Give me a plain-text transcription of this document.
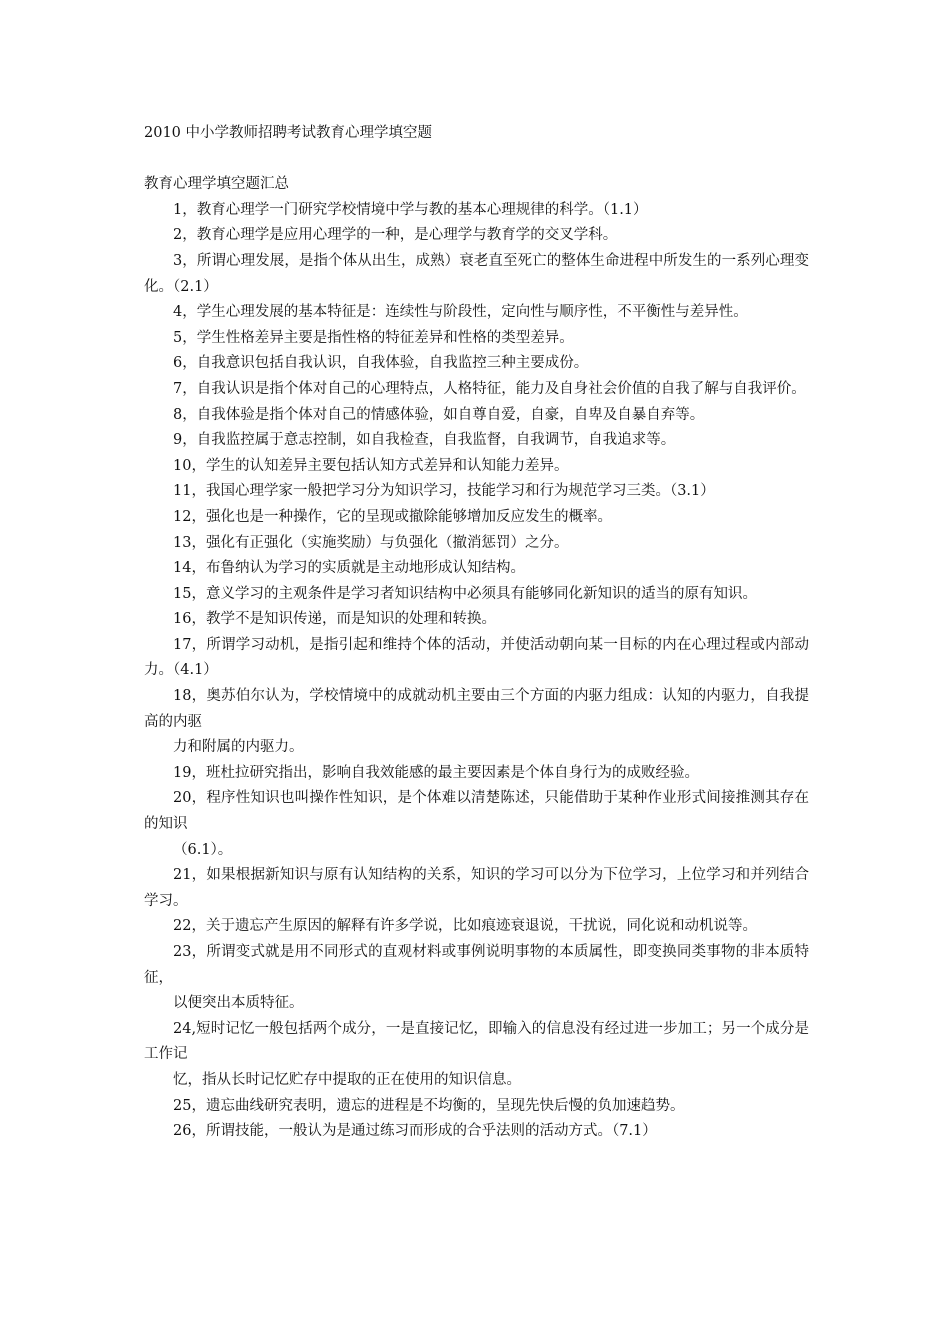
2010 中小学教师招聘考试教育心理学填空题

教育心理学填空题汇总

1，教育心理学一门研究学校情境中学与教的基本心理规律的科学。（1.1）

2，教育心理学是应用心理学的一种，是心理学与教育学的交叉学科。

3，所谓心理发展，是指个体从出生，成熟）衰老直至死亡的整体生命进程中所发生的一系列心理变化。（2.1）

4，学生心理发展的基本特征是：连续性与阶段性，定向性与顺序性，不平衡性与差异性。

5，学生性格差异主要是指性格的特征差异和性格的类型差异。

6，自我意识包括自我认识，自我体验，自我监控三种主要成份。

7，自我认识是指个体对自己的心理特点，人格特征，能力及自身社会价值的自我了解与自我评价。

8，自我体验是指个体对自己的情感体验，如自尊自爱，自豪，自卑及自暴自弃等。

9，自我监控属于意志控制，如自我检查，自我监督，自我调节，自我追求等。

10，学生的认知差异主要包括认知方式差异和认知能力差异。

11，我国心理学家一般把学习分为知识学习，技能学习和行为规范学习三类。（3.1）

12，强化也是一种操作，它的呈现或撤除能够增加反应发生的概率。

13，强化有正强化（实施奖励）与负强化（撤消惩罚）之分。

14，布鲁纳认为学习的实质就是主动地形成认知结构。

15，意义学习的主观条件是学习者知识结构中必须具有能够同化新知识的适当的原有知识。

16，教学不是知识传递，而是知识的处理和转换。

17，所谓学习动机，是指引起和维持个体的活动，并使活动朝向某一目标的内在心理过程或内部动力。（4.1）

18，奥苏伯尔认为，学校情境中的成就动机主要由三个方面的内驱力组成：认知的内驱力，自我提高的内驱
力和附属的内驱力。

19，班杜拉研究指出，影响自我效能感的最主要因素是个体自身行为的成败经验。

20，程序性知识也叫操作性知识，是个体难以清楚陈述，只能借助于某种作业形式间接推测其存在的知识
（6.1）。

21，如果根据新知识与原有认知结构的关系，知识的学习可以分为下位学习，上位学习和并列结合学习。

22，关于遗忘产生原因的解释有许多学说，比如痕迹衰退说，干扰说，同化说和动机说等。

23，所谓变式就是用不同形式的直观材料或事例说明事物的本质属性，即变换同类事物的非本质特征，
以便突出本质特征。

24,短时记忆一般包括两个成分，一是直接记忆，即输入的信息没有经过进一步加工；另一个成分是工作记
忆，指从长时记忆贮存中提取的正在使用的知识信息。

25，遗忘曲线研究表明，遗忘的进程是不均衡的，呈现先快后慢的负加速趋势。

26，所谓技能，一般认为是通过练习而形成的合乎法则的活动方式。（7.1）
